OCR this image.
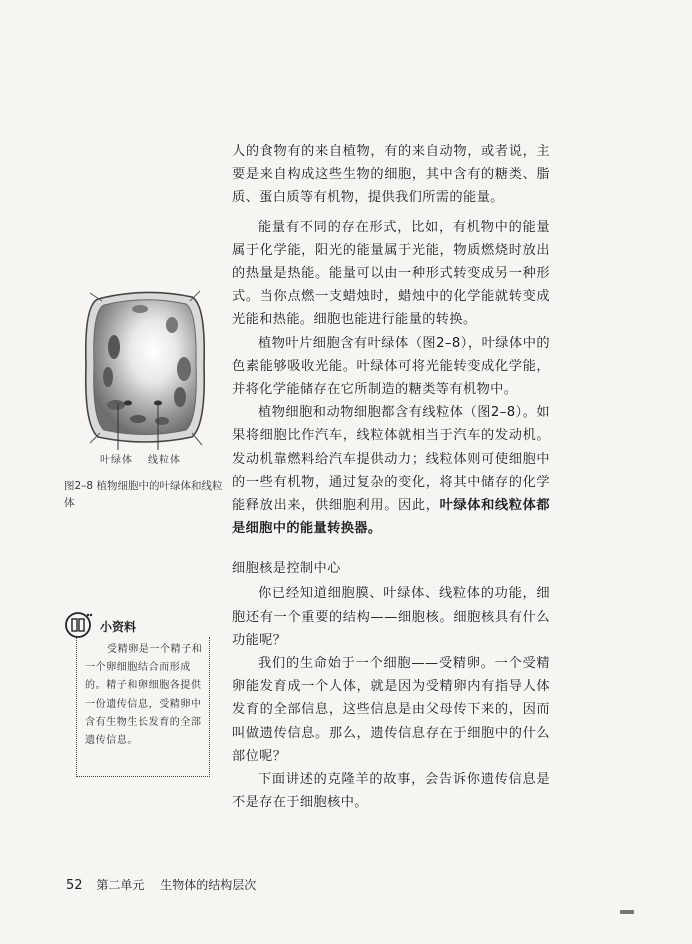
人的食物有的来自植物，有的来自动物，或者说，主要是来自构成这些生物的细胞，其中含有的糖类、脂质、蛋白质等有机物，提供我们所需的能量。

能量有不同的存在形式，比如，有机物中的能量属于化学能，阳光的能量属于光能，物质燃烧时放出的热量是热能。能量可以由一种形式转变成另一种形式。当你点燃一支蜡烛时，蜡烛中的化学能就转变成光能和热能。细胞也能进行能量的转换。

植物叶片细胞含有叶绿体（图2–8），叶绿体中的色素能够吸收光能。叶绿体可将光能转变成化学能，并将化学能储存在它所制造的糖类等有机物中。

植物细胞和动物细胞都含有线粒体（图2–8）。如果将细胞比作汽车，线粒体就相当于汽车的发动机。发动机靠燃料给汽车提供动力；线粒体则可使细胞中的一些有机物，通过复杂的变化，将其中储存的化学能释放出来，供细胞利用。因此，叶绿体和线粒体都是细胞中的能量转换器。

细胞核是控制中心

你已经知道细胞膜、叶绿体、线粒体的功能，细胞还有一个重要的结构——细胞核。细胞核具有什么功能呢？

我们的生命始于一个细胞——受精卵。一个受精卵能发育成一个人体，就是因为受精卵内有指导人体发育的全部信息，这些信息是由父母传下来的，因而叫做遗传信息。那么，遗传信息存在于细胞中的什么部位呢？

下面讲述的克隆羊的故事，会告诉你遗传信息是不是存在于细胞核中。

叶绿体 线粒体
图2–8 植物细胞中的叶绿体和线粒体
小资料

受精卵是一个精子和一个卵细胞结合而形成的。精子和卵细胞各提供一份遗传信息，受精卵中含有生物生长发育的全部遗传信息。

52 第二单元 生物体的结构层次
